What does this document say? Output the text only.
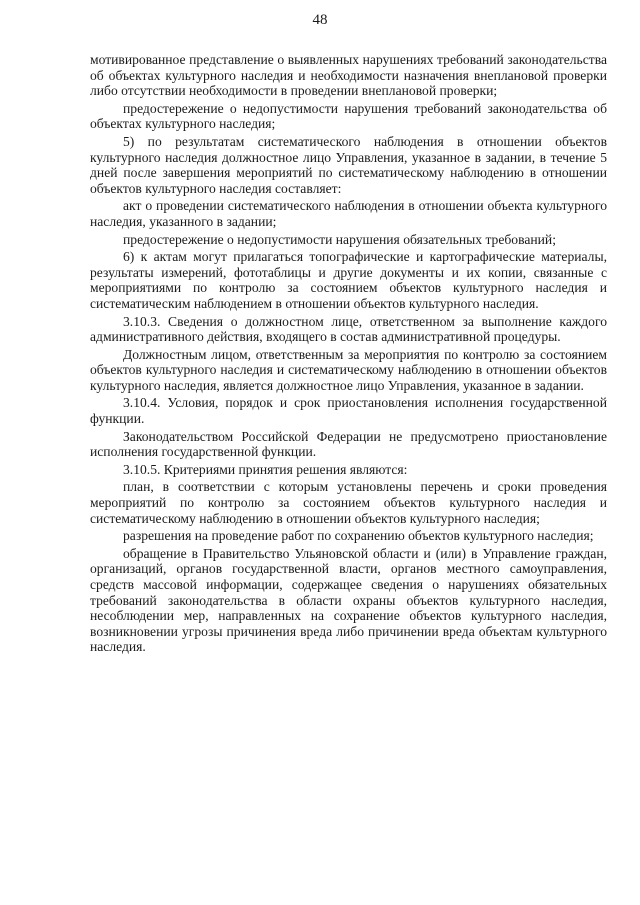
48

мотивированное представление о выявленных нарушениях требований законодательства об объектах культурного наследия и необходимости назначения внеплановой проверки либо отсутствии необходимости в проведении внеплановой проверки;

предостережение о недопустимости нарушения требований законодательства об объектах культурного наследия;

5) по результатам систематического наблюдения в отношении объектов культурного наследия должностное лицо Управления, указанное в задании, в течение 5 дней после завершения мероприятий по систематическому наблюдению в отношении объектов культурного наследия составляет:

акт о проведении систематического наблюдения в отношении объекта культурного наследия, указанного в задании;

предостережение о недопустимости нарушения обязательных требований;

6) к актам могут прилагаться топографические и картографические материалы, результаты измерений, фототаблицы и другие документы и их копии, связанные с мероприятиями по контролю за состоянием объектов культурного наследия и систематическим наблюдением в отношении объектов культурного наследия.

3.10.3. Сведения о должностном лице, ответственном за выполнение каждого административного действия, входящего в состав административной процедуры.

Должностным лицом, ответственным за мероприятия по контролю за состоянием объектов культурного наследия и систематическому наблюдению в отношении объектов культурного наследия, является должностное лицо Управления, указанное в задании.

3.10.4. Условия, порядок и срок приостановления исполнения государственной функции.

Законодательством Российской Федерации не предусмотрено приостановление исполнения государственной функции.

3.10.5. Критериями принятия решения являются:

план, в соответствии с которым установлены перечень и сроки проведения мероприятий по контролю за состоянием объектов культурного наследия и систематическому наблюдению в отношении объектов культурного наследия;

разрешения на проведение работ по сохранению объектов культурного наследия;

обращение в Правительство Ульяновской области и (или) в Управление граждан, организаций, органов государственной власти, органов местного самоуправления, средств массовой информации, содержащее сведения о нарушениях обязательных требований законодательства в области охраны объектов культурного наследия, несоблюдении мер, направленных на сохранение объектов культурного наследия, возникновении угрозы причинения вреда либо причинении вреда объектам культурного наследия.
